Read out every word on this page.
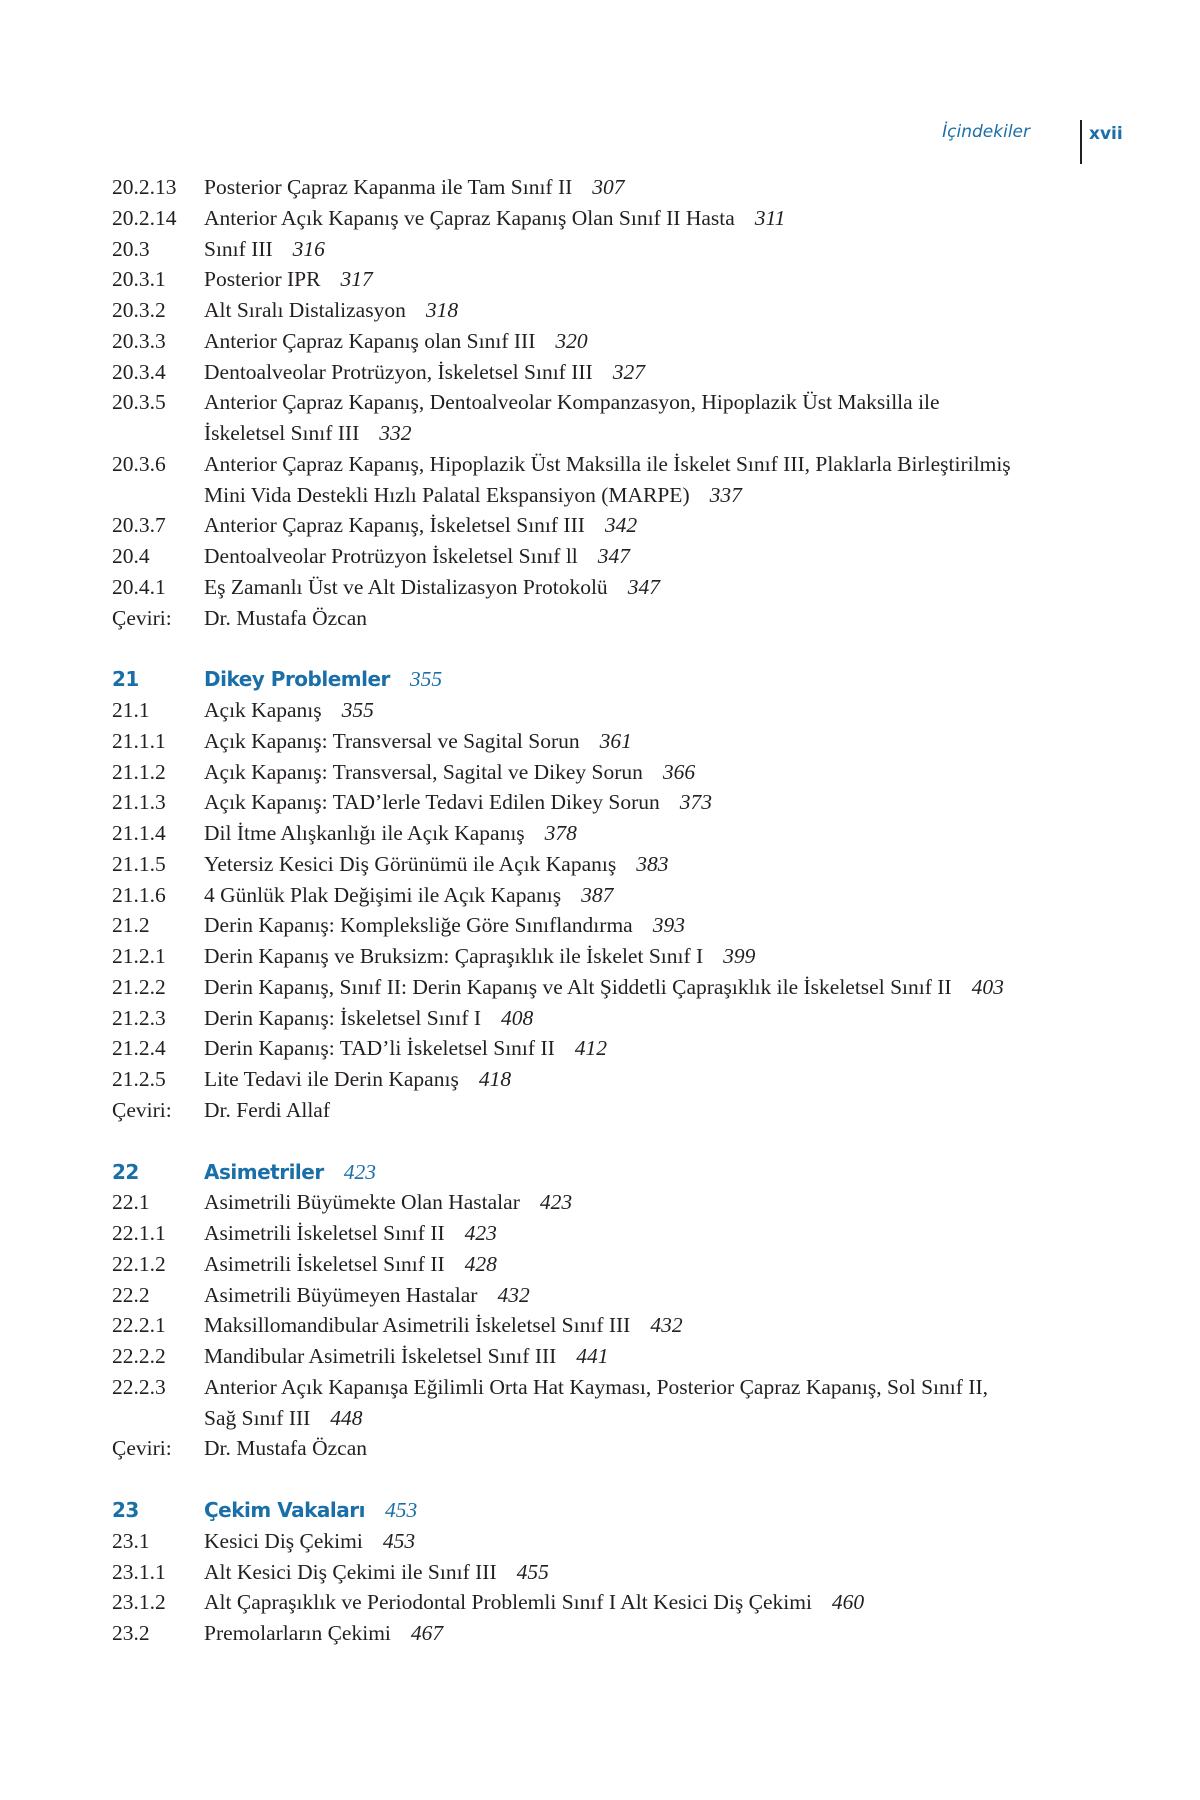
İçindekiler	xvii
20.2.13	Posterior Çapraz Kapanma ile Tam Sınıf II 307
20.2.14	Anterior Açık Kapanış ve Çapraz Kapanış Olan Sınıf II Hasta 311
20.3	Sınıf III 316
20.3.1	Posterior IPR 317
20.3.2	Alt Sıralı Distalizasyon 318
20.3.3	Anterior Çapraz Kapanış olan Sınıf III 320
20.3.4	Dentoalveolar Protrüzyon, İskeletsel Sınıf III 327
20.3.5	Anterior Çapraz Kapanış, Dentoalveolar Kompanzasyon, Hipoplazik Üst Maksilla ile
İskeletsel Sınıf III 332
20.3.6	Anterior Çapraz Kapanış, Hipoplazik Üst Maksilla ile İskelet Sınıf III, Plaklarla Birleştirilmiş
Mini Vida Destekli Hızlı Palatal Ekspansiyon (MARPE) 337
20.3.7	Anterior Çapraz Kapanış, İskeletsel Sınıf III 342
20.4	Dentoalveolar Protrüzyon İskeletsel Sınıf ll 347
20.4.1	Eş Zamanlı Üst ve Alt Distalizasyon Protokolü 347
Çeviri:	Dr. Mustafa Özcan
21	Dikey Problemler 355
21.1	Açık Kapanış 355
21.1.1	Açık Kapanış: Transversal ve Sagital Sorun 361
21.1.2	Açık Kapanış: Transversal, Sagital ve Dikey Sorun 366
21.1.3	Açık Kapanış: TAD’lerle Tedavi Edilen Dikey Sorun 373
21.1.4	Dil İtme Alışkanlığı ile Açık Kapanış 378
21.1.5	Yetersiz Kesici Diş Görünümü ile Açık Kapanış 383
21.1.6	4 Günlük Plak Değişimi ile Açık Kapanış 387
21.2	Derin Kapanış: Kompleksliğe Göre Sınıflandırma 393
21.2.1	Derin Kapanış ve Bruksizm: Çapraşıklık ile İskelet Sınıf I 399
21.2.2	Derin Kapanış, Sınıf II: Derin Kapanış ve Alt Şiddetli Çapraşıklık ile İskeletsel Sınıf II 403
21.2.3	Derin Kapanış: İskeletsel Sınıf I 408
21.2.4	Derin Kapanış: TAD’li İskeletsel Sınıf II 412
21.2.5	Lite Tedavi ile Derin Kapanış 418
Çeviri:	Dr. Ferdi Allaf
22	Asimetriler 423
22.1	Asimetrili Büyümekte Olan Hastalar 423
22.1.1	Asimetrili İskeletsel Sınıf II 423
22.1.2	Asimetrili İskeletsel Sınıf II 428
22.2	Asimetrili Büyümeyen Hastalar 432
22.2.1	Maksillomandibular Asimetrili İskeletsel Sınıf III 432
22.2.2	Mandibular Asimetrili İskeletsel Sınıf III 441
22.2.3	Anterior Açık Kapanışa Eğilimli Orta Hat Kayması, Posterior Çapraz Kapanış, Sol Sınıf II,
Sağ Sınıf III 448
Çeviri:	Dr. Mustafa Özcan
23	Çekim Vakaları 453
23.1	Kesici Diş Çekimi 453
23.1.1	Alt Kesici Diş Çekimi ile Sınıf III 455
23.1.2	Alt Çapraşıklık ve Periodontal Problemli Sınıf I Alt Kesici Diş Çekimi 460
23.2	Premolarların Çekimi 467
